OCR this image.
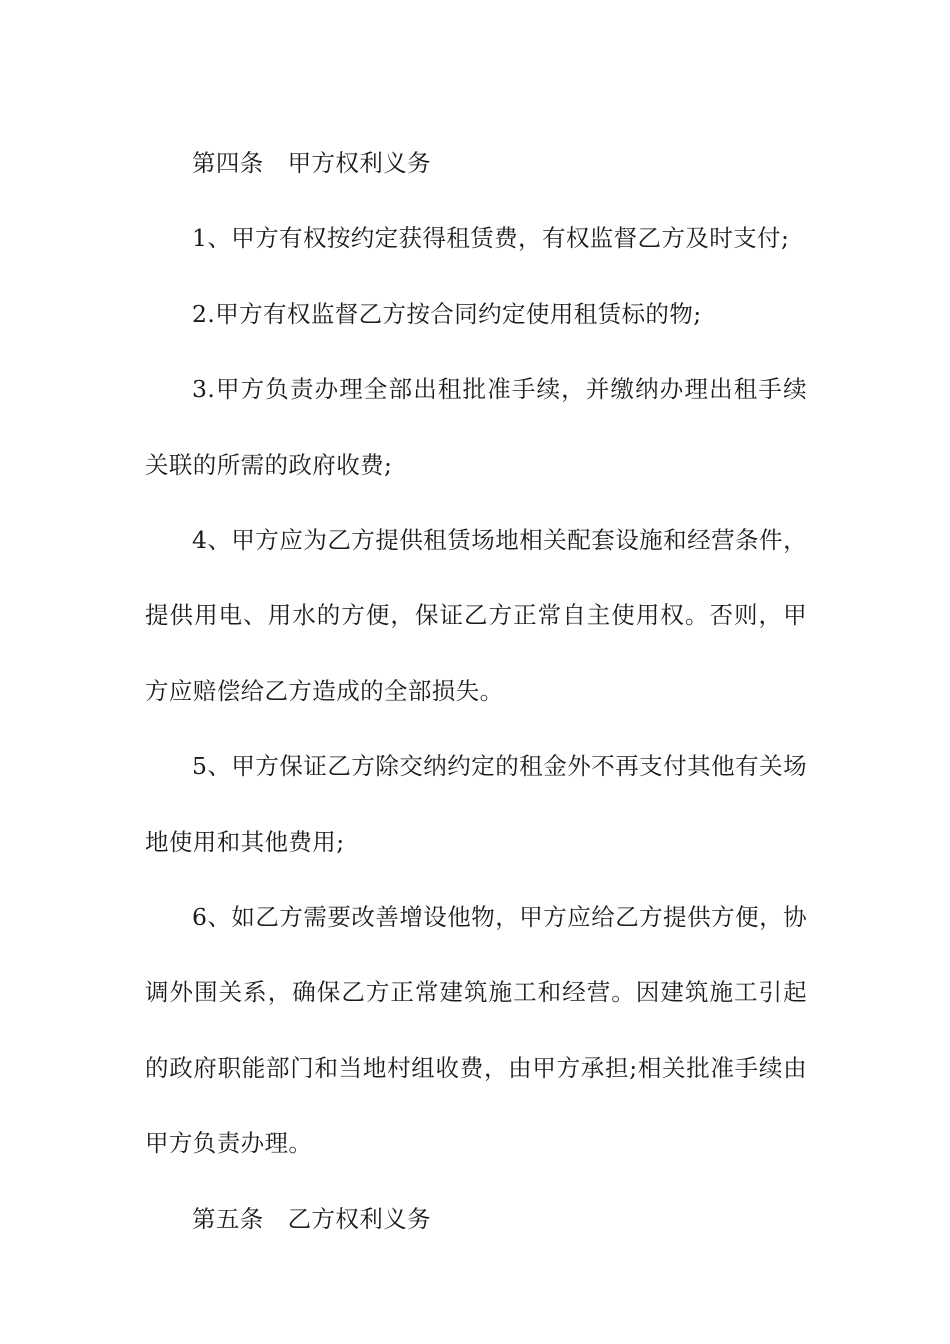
第四条　甲方权利义务

1、甲方有权按约定获得租赁费，有权监督乙方及时支付;

2.甲方有权监督乙方按合同约定使用租赁标的物;

3.甲方负责办理全部出租批准手续，并缴纳办理出租手续关联的所需的政府收费;

4、甲方应为乙方提供租赁场地相关配套设施和经营条件，提供用电、用水的方便，保证乙方正常自主使用权。否则，甲方应赔偿给乙方造成的全部损失。

5、甲方保证乙方除交纳约定的租金外不再支付其他有关场地使用和其他费用;

6、如乙方需要改善增设他物，甲方应给乙方提供方便，协调外围关系，确保乙方正常建筑施工和经营。因建筑施工引起的政府职能部门和当地村组收费，由甲方承担;相关批准手续由甲方负责办理。

第五条　乙方权利义务
